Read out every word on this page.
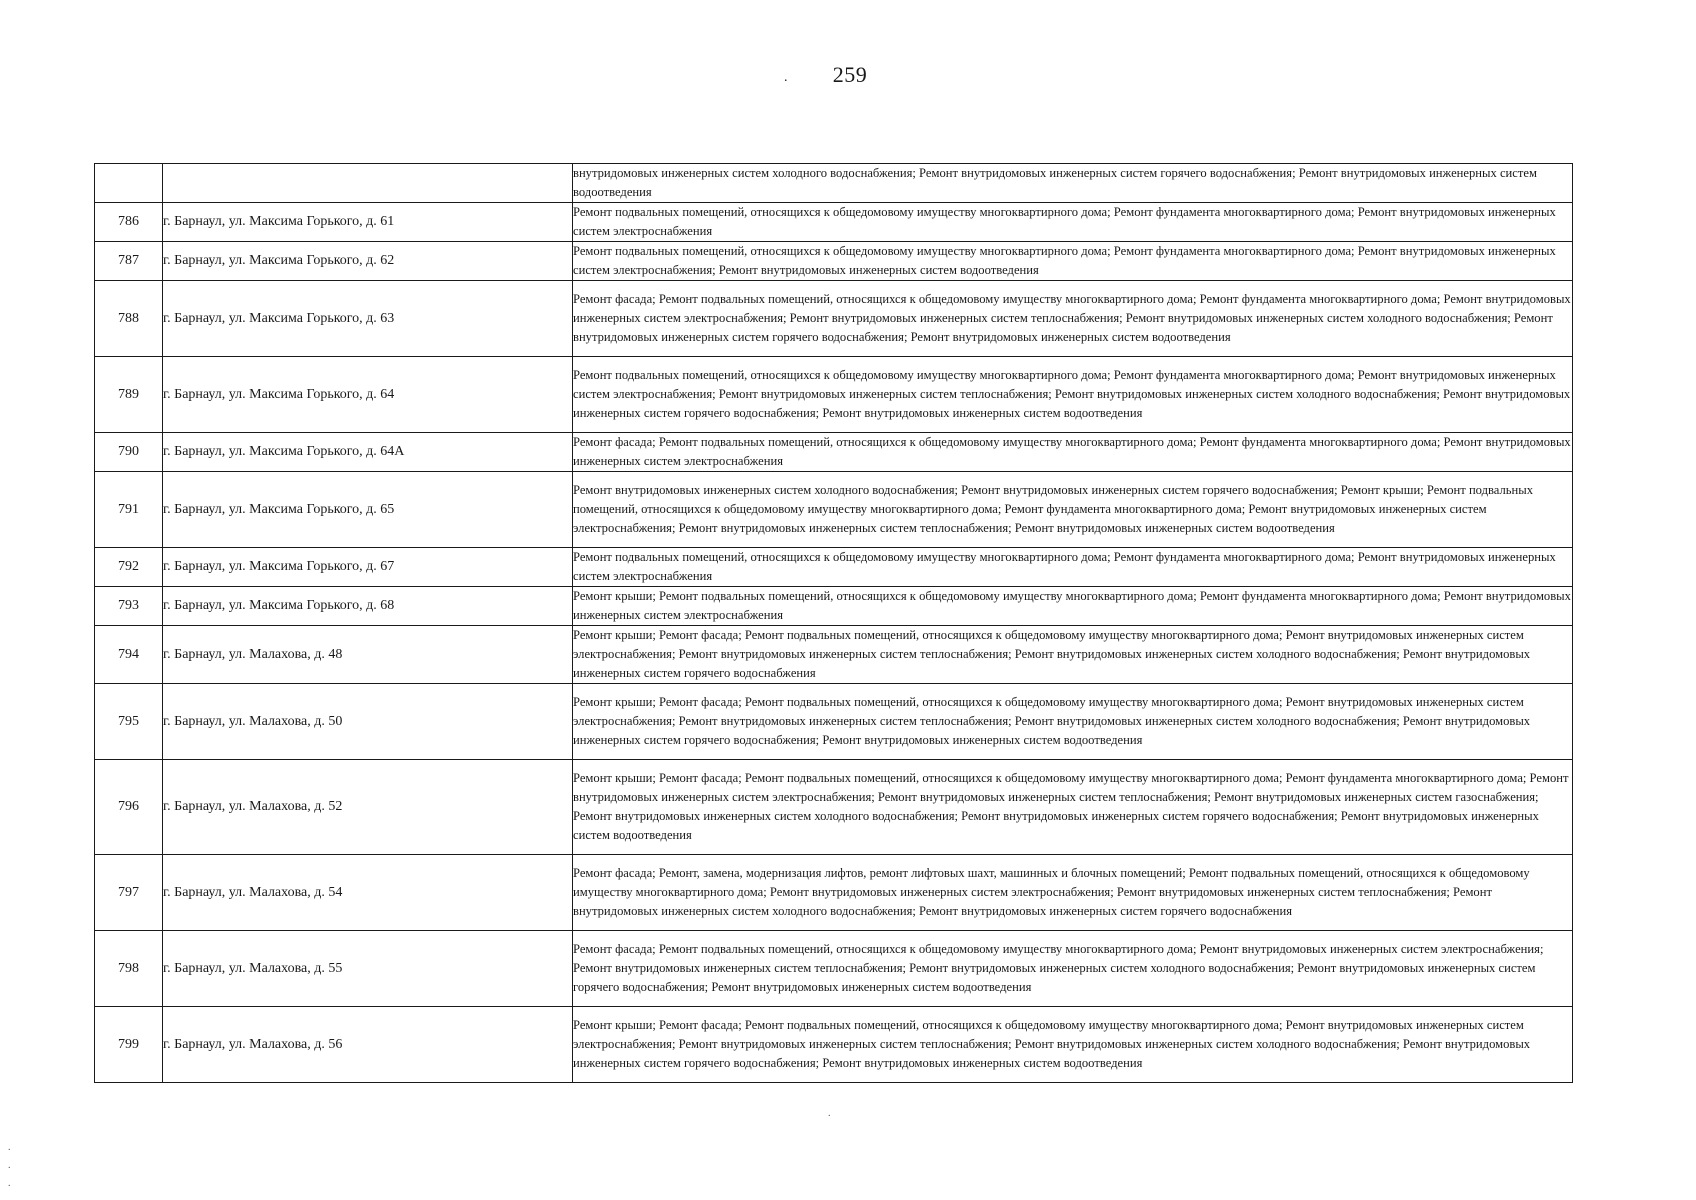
.	259
		внутридомовых инженерных систем холодного водоснабжения; Ремонт внутридомовых инженерных систем горячего водоснабжения; Ремонт внутридомовых инженерных систем водоотведения
786	г. Барнаул, ул. Максима Горького, д. 61	Ремонт подвальных помещений, относящихся к общедомовому имуществу многоквартирного дома; Ремонт фундамента многоквартирного дома; Ремонт внутридомовых инженерных систем электроснабжения
787	г. Барнаул, ул. Максима Горького, д. 62	Ремонт подвальных помещений, относящихся к общедомовому имуществу многоквартирного дома; Ремонт фундамента многоквартирного дома; Ремонт внутридомовых инженерных систем электроснабжения; Ремонт внутридомовых инженерных систем водоотведения
788	г. Барнаул, ул. Максима Горького, д. 63	Ремонт фасада; Ремонт подвальных помещений, относящихся к общедомовому имуществу многоквартирного дома; Ремонт фундамента многоквартирного дома; Ремонт внутридомовых инженерных систем электроснабжения; Ремонт внутридомовых инженерных систем теплоснабжения; Ремонт внутридомовых инженерных систем холодного водоснабжения; Ремонт внутридомовых инженерных систем горячего водоснабжения; Ремонт внутридомовых инженерных систем водоотведения
789	г. Барнаул, ул. Максима Горького, д. 64	Ремонт подвальных помещений, относящихся к общедомовому имуществу многоквартирного дома; Ремонт фундамента многоквартирного дома; Ремонт внутридомовых инженерных систем электроснабжения; Ремонт внутридомовых инженерных систем теплоснабжения; Ремонт внутридомовых инженерных систем холодного водоснабжения; Ремонт внутридомовых инженерных систем горячего водоснабжения; Ремонт внутридомовых инженерных систем водоотведения
790	г. Барнаул, ул. Максима Горького, д. 64А	Ремонт фасада; Ремонт подвальных помещений, относящихся к общедомовому имуществу многоквартирного дома; Ремонт фундамента многоквартирного дома; Ремонт внутридомовых инженерных систем электроснабжения
791	г. Барнаул, ул. Максима Горького, д. 65	Ремонт внутридомовых инженерных систем холодного водоснабжения; Ремонт внутридомовых инженерных систем горячего водоснабжения; Ремонт крыши; Ремонт подвальных помещений, относящихся к общедомовому имуществу многоквартирного дома; Ремонт фундамента многоквартирного дома; Ремонт внутридомовых инженерных систем электроснабжения; Ремонт внутридомовых инженерных систем теплоснабжения; Ремонт внутридомовых инженерных систем водоотведения
792	г. Барнаул, ул. Максима Горького, д. 67	Ремонт подвальных помещений, относящихся к общедомовому имуществу многоквартирного дома; Ремонт фундамента многоквартирного дома; Ремонт внутридомовых инженерных систем электроснабжения
793	г. Барнаул, ул. Максима Горького, д. 68	Ремонт крыши; Ремонт подвальных помещений, относящихся к общедомовому имуществу многоквартирного дома; Ремонт фундамента многоквартирного дома; Ремонт внутридомовых инженерных систем электроснабжения
794	г. Барнаул, ул. Малахова, д. 48	Ремонт крыши; Ремонт фасада; Ремонт подвальных помещений, относящихся к общедомовому имуществу многоквартирного дома; Ремонт внутридомовых инженерных систем электроснабжения; Ремонт внутридомовых инженерных систем теплоснабжения; Ремонт внутридомовых инженерных систем холодного водоснабжения; Ремонт внутридомовых инженерных систем горячего водоснабжения
795	г. Барнаул, ул. Малахова, д. 50	Ремонт крыши; Ремонт фасада; Ремонт подвальных помещений, относящихся к общедомовому имуществу многоквартирного дома; Ремонт внутридомовых инженерных систем электроснабжения; Ремонт внутридомовых инженерных систем теплоснабжения; Ремонт внутридомовых инженерных систем холодного водоснабжения; Ремонт внутридомовых инженерных систем горячего водоснабжения; Ремонт внутридомовых инженерных систем водоотведения
796	г. Барнаул, ул. Малахова, д. 52	Ремонт крыши; Ремонт фасада; Ремонт подвальных помещений, относящихся к общедомовому имуществу многоквартирного дома; Ремонт фундамента многоквартирного дома; Ремонт внутридомовых инженерных систем электроснабжения; Ремонт внутридомовых инженерных систем теплоснабжения; Ремонт внутридомовых инженерных систем газоснабжения; Ремонт внутридомовых инженерных систем холодного водоснабжения; Ремонт внутридомовых инженерных систем горячего водоснабжения; Ремонт внутридомовых инженерных систем водоотведения
797	г. Барнаул, ул. Малахова, д. 54	Ремонт фасада; Ремонт, замена, модернизация лифтов, ремонт лифтовых шахт, машинных и блочных помещений; Ремонт подвальных помещений, относящихся к общедомовому имуществу многоквартирного дома; Ремонт внутридомовых инженерных систем электроснабжения; Ремонт внутридомовых инженерных систем теплоснабжения; Ремонт внутридомовых инженерных систем холодного водоснабжения; Ремонт внутридомовых инженерных систем горячего водоснабжения
798	г. Барнаул, ул. Малахова, д. 55	Ремонт фасада; Ремонт подвальных помещений, относящихся к общедомовому имуществу многоквартирного дома; Ремонт внутридомовых инженерных систем электроснабжения; Ремонт внутридомовых инженерных систем теплоснабжения; Ремонт внутридомовых инженерных систем холодного водоснабжения; Ремонт внутридомовых инженерных систем горячего водоснабжения; Ремонт внутридомовых инженерных систем водоотведения
799	г. Барнаул, ул. Малахова, д. 56	Ремонт крыши; Ремонт фасада; Ремонт подвальных помещений, относящихся к общедомовому имуществу многоквартирного дома; Ремонт внутридомовых инженерных систем электроснабжения; Ремонт внутридомовых инженерных систем теплоснабжения; Ремонт внутридомовых инженерных систем холодного водоснабжения; Ремонт внутридомовых инженерных систем горячего водоснабжения; Ремонт внутридомовых инженерных систем водоотведения
.
.
.
.
